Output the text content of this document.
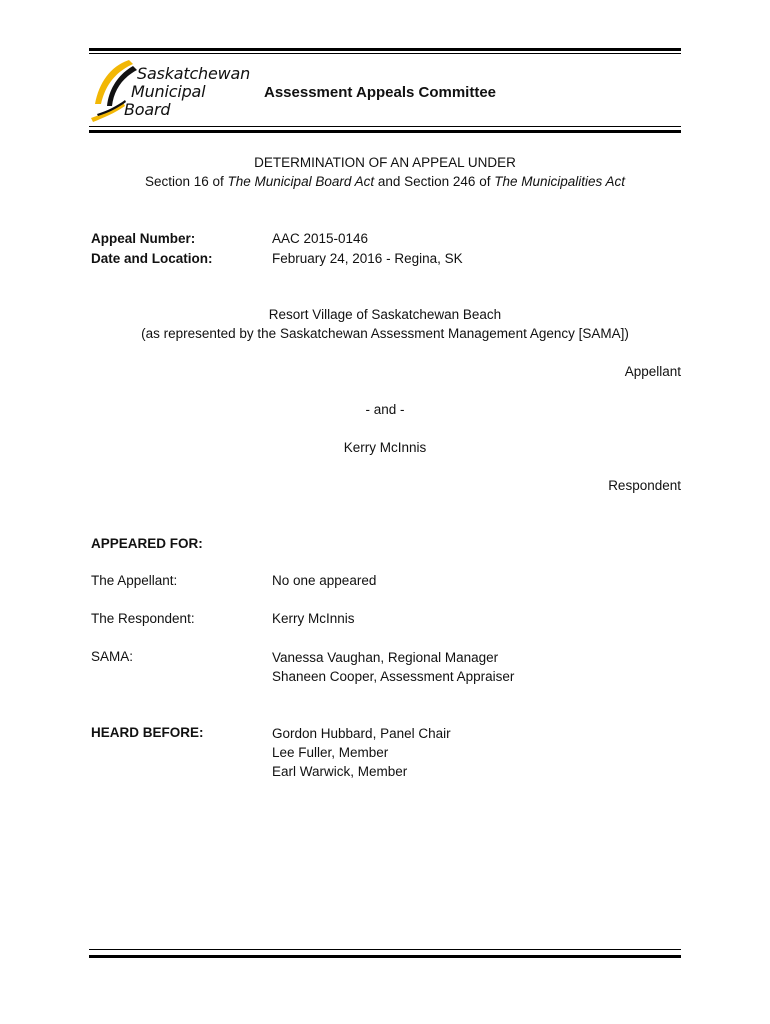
Saskatchewan
Municipal
Board
Assessment Appeals Committee
DETERMINATION OF AN APPEAL UNDER
Section 16 of The Municipal Board Act and Section 246 of The Municipalities Act
Appeal Number:	AAC 2015-0146
Date and Location:	February 24, 2016 - Regina, SK
Resort Village of Saskatchewan Beach
(as represented by the Saskatchewan Assessment Management Agency [SAMA])
Appellant
- and -
Kerry McInnis
Respondent
APPEARED FOR:
The Appellant:	No one appeared
The Respondent:	Kerry McInnis
SAMA:	Vanessa Vaughan, Regional Manager
Shaneen Cooper, Assessment Appraiser
HEARD BEFORE:	Gordon Hubbard, Panel Chair
Lee Fuller, Member
Earl Warwick, Member
